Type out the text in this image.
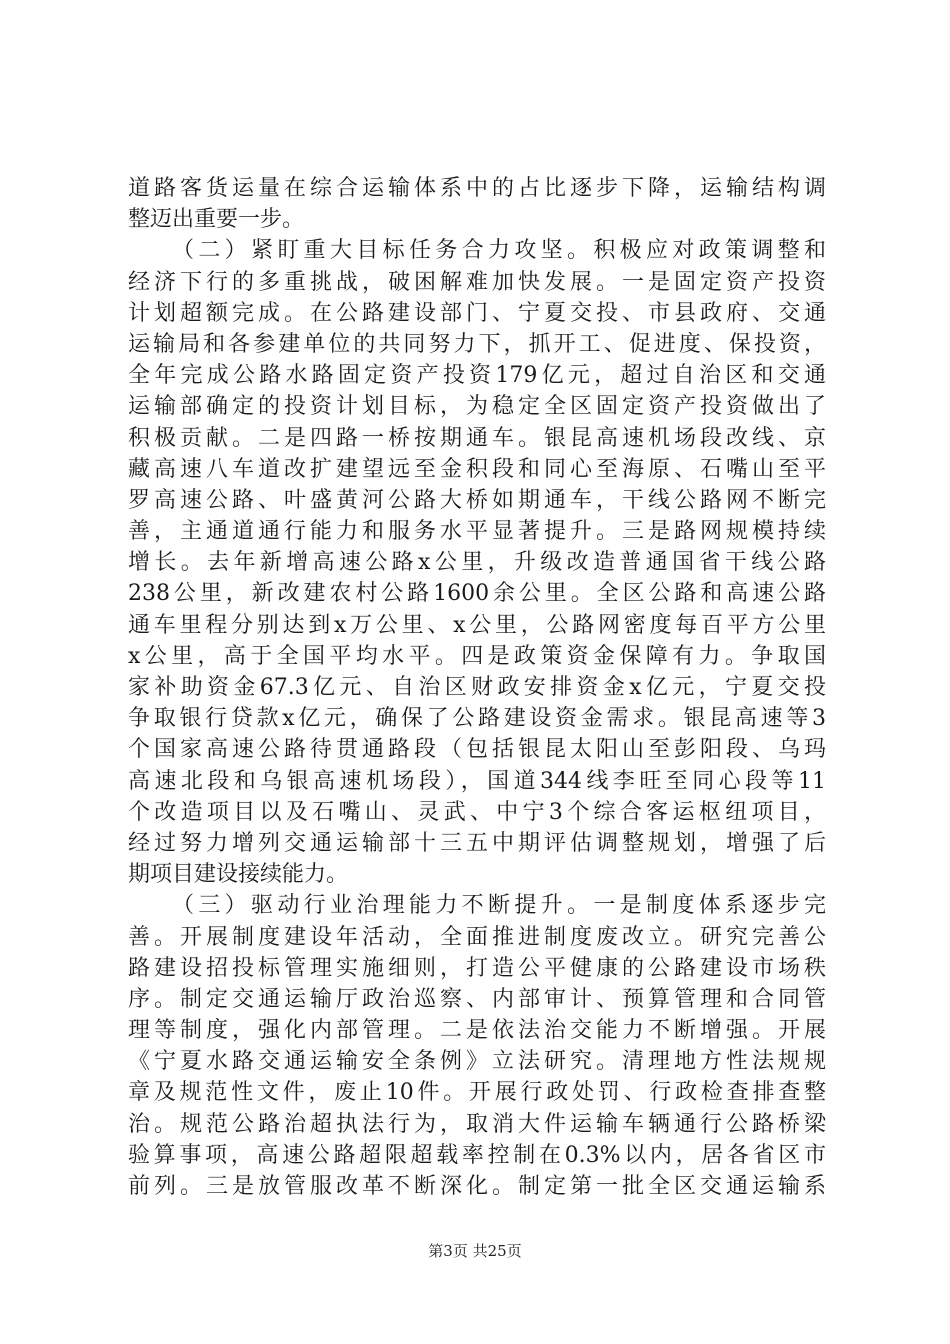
道路客货运量在综合运输体系中的占比逐步下降，运输结构调
整迈出重要一步。
（二）紧盯重大目标任务合力攻坚。积极应对政策调整和
经济下行的多重挑战，破困解难加快发展。一是固定资产投资
计划超额完成。在公路建设部门、宁夏交投、市县政府、交通
运输局和各参建单位的共同努力下，抓开工、促进度、保投资，
全年完成公路水路固定资产投资179亿元，超过自治区和交通
运输部确定的投资计划目标，为稳定全区固定资产投资做出了
积极贡献。二是四路一桥按期通车。银昆高速机场段改线、京
藏高速八车道改扩建望远至金积段和同心至海原、石嘴山至平
罗高速公路、叶盛黄河公路大桥如期通车，干线公路网不断完
善，主通道通行能力和服务水平显著提升。三是路网规模持续
增长。去年新增高速公路x公里，升级改造普通国省干线公路
238公里，新改建农村公路1600余公里。全区公路和高速公路
通车里程分别达到x万公里、x公里，公路网密度每百平方公里
x公里，高于全国平均水平。四是政策资金保障有力。争取国
家补助资金67.3亿元、自治区财政安排资金x亿元，宁夏交投
争取银行贷款x亿元，确保了公路建设资金需求。银昆高速等3
个国家高速公路待贯通路段（包括银昆太阳山至彭阳段、乌玛
高速北段和乌银高速机场段），国道344线李旺至同心段等11
个改造项目以及石嘴山、灵武、中宁3个综合客运枢纽项目，
经过努力增列交通运输部十三五中期评估调整规划，增强了后
期项目建设接续能力。
（三）驱动行业治理能力不断提升。一是制度体系逐步完
善。开展制度建设年活动，全面推进制度废改立。研究完善公
路建设招投标管理实施细则，打造公平健康的公路建设市场秩
序。制定交通运输厅政治巡察、内部审计、预算管理和合同管
理等制度，强化内部管理。二是依法治交能力不断增强。开展
《宁夏水路交通运输安全条例》立法研究。清理地方性法规规
章及规范性文件，废止10件。开展行政处罚、行政检查排查整
治。规范公路治超执法行为，取消大件运输车辆通行公路桥梁
验算事项，高速公路超限超载率控制在0.3%以内，居各省区市
前列。三是放管服改革不断深化。制定第一批全区交通运输系
第3页 共25页
